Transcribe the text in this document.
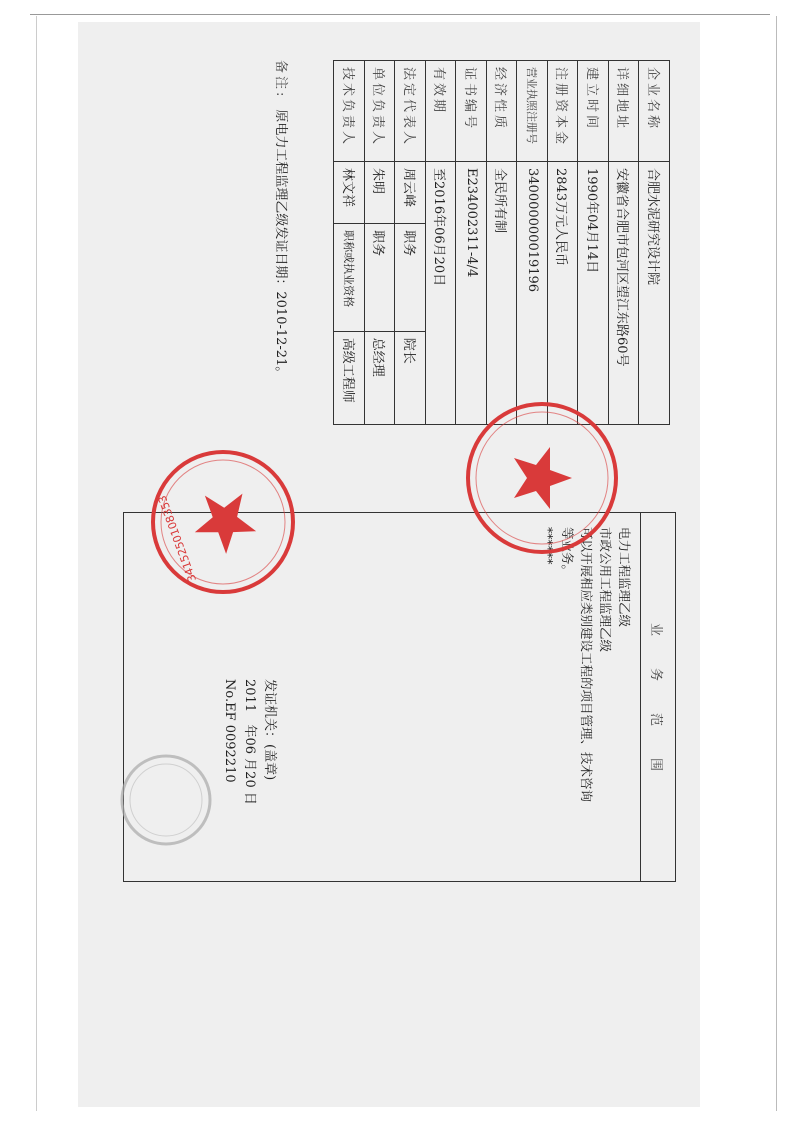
企业名称	合肥水泥研究设计院		
详细地址	安徽省合肥市包河区望江东路60号		
建立时间	1990年04月14日		
注册资本金	2843万元人民币		
营业执照注册号	340000000019196		
经济性质	全民所有制		
证书编号	E234002311-4/4		
有效期	至2016年06月20日		
法定代表人	周云峰	职务	院长
单位负责人	朱明	职务	总经理
技术负责人	林文祥	职称或执业资格	高级工程师
备注:原电力工程监理乙级发证日期：2010-12-21。
业
务
范
围
电力工程监理乙级
市政公用工程监理乙级
可以开展相应类别建设工程的项目管理、技术咨询
等业务。
******
发证机关：(盖章)
2011   年06 月20 日
No.EF 0092210
3415250108353
